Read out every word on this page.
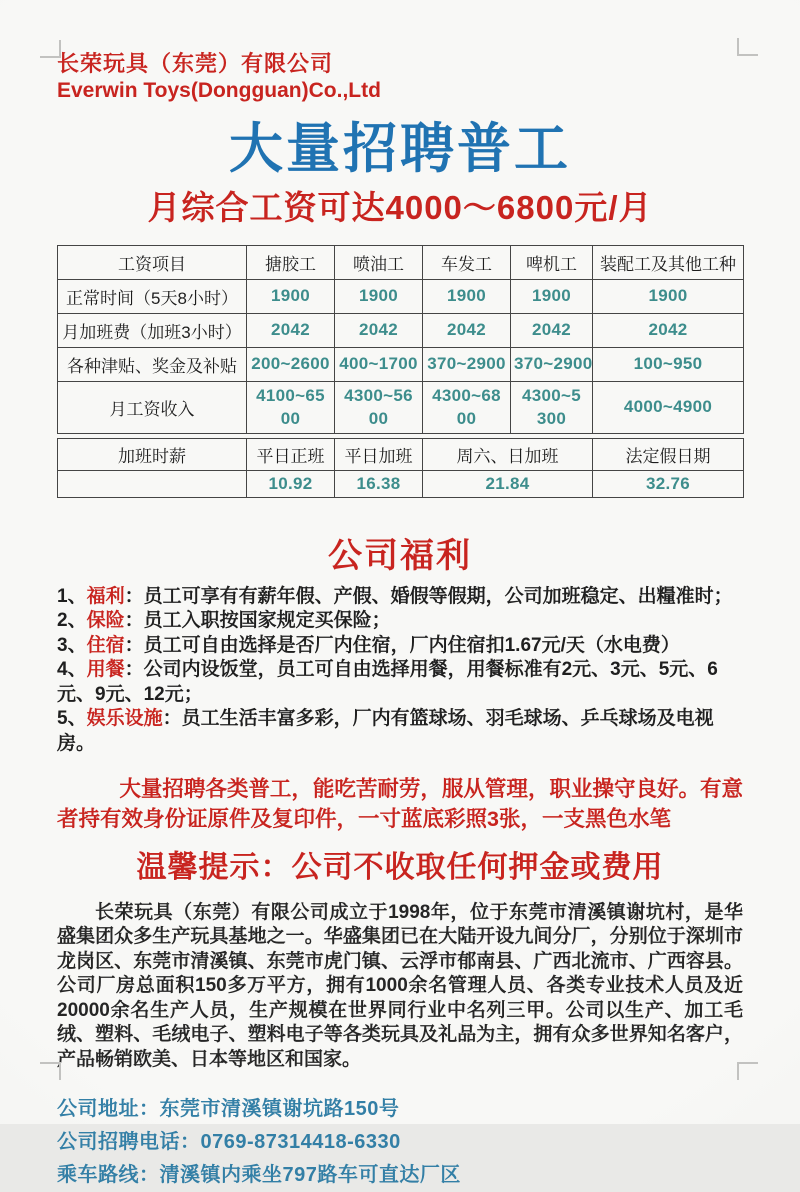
长荣玩具（东莞）有限公司
Everwin Toys(Dongguan)Co.,Ltd
大量招聘普工
月综合工资可达4000～6800元/月
工资项目	搪胶工	喷油工	车发工	啤机工	装配工及其他工种
正常时间（5天8小时）	1900	1900	1900	1900	1900
月加班费（加班3小时）	2042	2042	2042	2042	2042
各种津贴、奖金及补贴	200~2600	400~1700	370~2900	370~2900	100~950
月工资收入	4100~6500	4300~5600	4300~6800	4300~5300	4000~4900
加班时薪	平日正班	平日加班	周六、日加班	法定假日期
	10.92	16.38	21.84	32.76
公司福利
1、福利：员工可享有有薪年假、产假、婚假等假期，公司加班稳定、出糧准时；
2、保险：员工入职按国家规定买保险；
3、住宿：员工可自由选择是否厂内住宿，厂内住宿扣1.67元/天（水电费）
4、用餐：公司内设饭堂，员工可自由选择用餐，用餐标准有2元、3元、5元、6元、9元、12元；
5、娱乐设施：员工生活丰富多彩，厂内有篮球场、羽毛球场、乒乓球场及电视房。

大量招聘各类普工，能吃苦耐劳，服从管理，职业操守良好。有意者持有效身份证原件及复印件，一寸蓝底彩照3张，一支黑色水笔

温馨提示：公司不收取任何押金或费用

长荣玩具（东莞）有限公司成立于1998年，位于东莞市清溪镇谢坑村，是华盛集团众多生产玩具基地之一。华盛集团已在大陆开设九间分厂，分别位于深圳市龙岗区、东莞市清溪镇、东莞市虎门镇、云浮市郁南县、广西北流市、广西容县。公司厂房总面积150多万平方，拥有1000余名管理人员、各类专业技术人员及近20000余名生产人员，生产规模在世界同行业中名列三甲。公司以生产、加工毛绒、塑料、毛绒电子、塑料电子等各类玩具及礼品为主，拥有众多世界知名客户，产品畅销欧美、日本等地区和国家。

公司地址：东莞市清溪镇谢坑路150号
公司招聘电话：0769-87314418-6330
乘车路线：清溪镇内乘坐797路车可直达厂区
